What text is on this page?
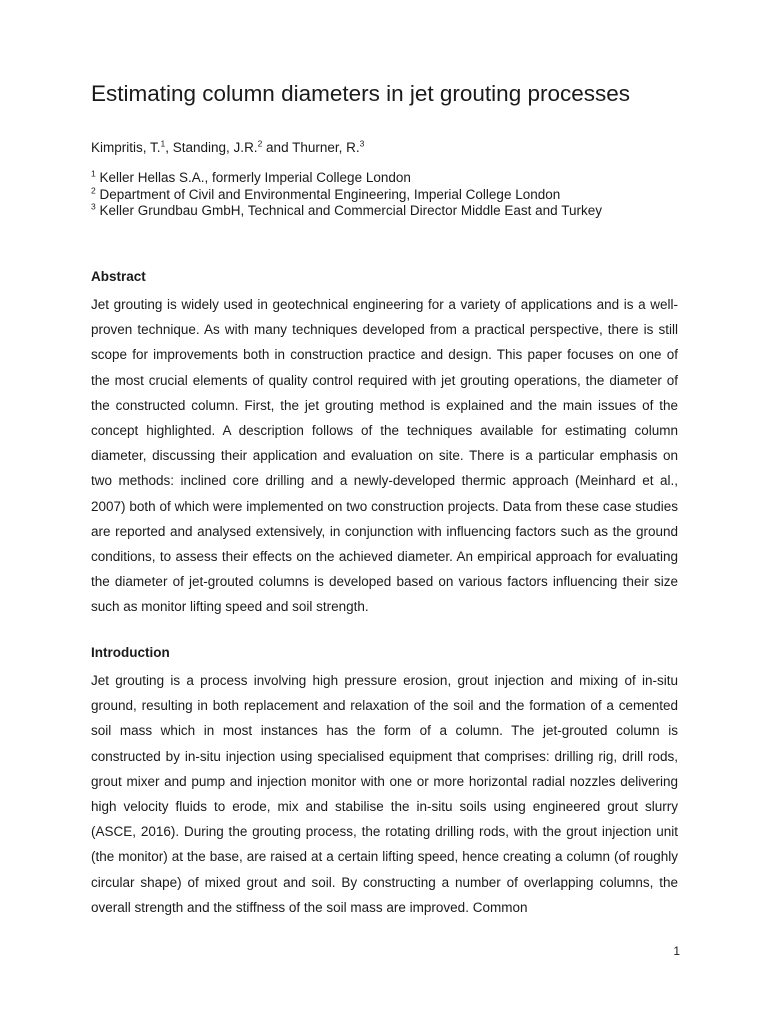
Estimating column diameters in jet grouting processes
Kimpritis, T.$^1$, Standing, J.R.$^2$ and Thurner, R.$^3$
$^1$ Keller Hellas S.A., formerly Imperial College London
$^2$ Department of Civil and Environmental Engineering, Imperial College London
$^3$ Keller Grundbau GmbH, Technical and Commercial Director Middle East and Turkey
Abstract

Jet grouting is widely used in geotechnical engineering for a variety of applications and is a well-proven technique. As with many techniques developed from a practical perspective, there is still scope for improvements both in construction practice and design. This paper focuses on one of the most crucial elements of quality control required with jet grouting operations, the diameter of the constructed column. First, the jet grouting method is explained and the main issues of the concept highlighted. A description follows of the techniques available for estimating column diameter, discussing their application and evaluation on site. There is a particular emphasis on two methods: inclined core drilling and a newly-developed thermic approach (Meinhard et al., 2007) both of which were implemented on two construction projects. Data from these case studies are reported and analysed extensively, in conjunction with influencing factors such as the ground conditions, to assess their effects on the achieved diameter. An empirical approach for evaluating the diameter of jet-grouted columns is developed based on various factors influencing their size such as monitor lifting speed and soil strength.

Introduction

Jet grouting is a process involving high pressure erosion, grout injection and mixing of in-situ ground, resulting in both replacement and relaxation of the soil and the formation of a cemented soil mass which in most instances has the form of a column. The jet-grouted column is constructed by in-situ injection using specialised equipment that comprises: drilling rig, drill rods, grout mixer and pump and injection monitor with one or more horizontal radial nozzles delivering high velocity fluids to erode, mix and stabilise the in-situ soils using engineered grout slurry (ASCE, 2016). During the grouting process, the rotating drilling rods, with the grout injection unit (the monitor) at the base, are raised at a certain lifting speed, hence creating a column (of roughly circular shape) of mixed grout and soil. By constructing a number of overlapping columns, the overall strength and the stiffness of the soil mass are improved. Common

1
